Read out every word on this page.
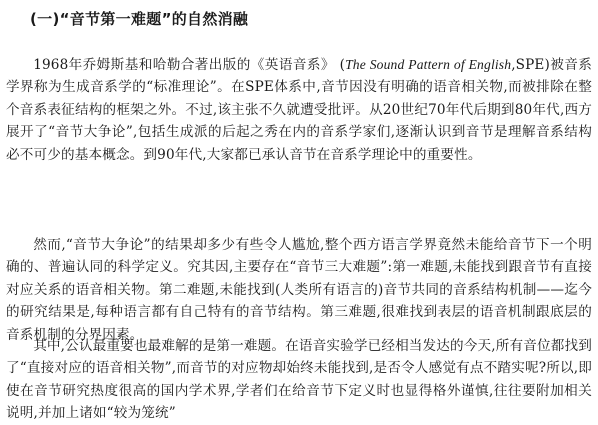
(一)“音节第一难题”的自然消融

1968年乔姆斯基和哈勒合著出版的《英语音系》 (The Sound Pattern of English,SPE)被音系学界称为生成音系学的“标准理论”。在SPE体系中,音节因没有明确的语音相关物,而被排除在整个音系表征结构的框架之外。不过,该主张不久就遭受批评。从20世纪70年代后期到80年代,西方展开了“音节大争论”,包括生成派的后起之秀在内的音系学家们,逐渐认识到音节是理解音系结构必不可少的基本概念。到90年代,大家都已承认音节在音系学理论中的重要性。

然而,“音节大争论”的结果却多少有些令人尴尬,整个西方语言学界竟然未能给音节下一个明确的、普遍认同的科学定义。究其因,主要存在“音节三大难题”:第一难题,未能找到跟音节有直接对应关系的语音相关物。第二难题,未能找到(人类所有语言的)音节共同的音系结构机制——迄今的研究结果是,每种语言都有自己特有的音节结构。第三难题,很难找到表层的语音机制跟底层的音系机制的分界因素。

其中,公认最重要也最难解的是第一难题。在语音实验学已经相当发达的今天,所有音位都找到了“直接对应的语音相关物”,而音节的对应物却始终未能找到,是否令人感觉有点不踏实呢?所以,即使在音节研究热度很高的国内学术界,学者们在给音节下定义时也显得格外谨慎,往往要附加相关说明,并加上诸如“较为笼统”
